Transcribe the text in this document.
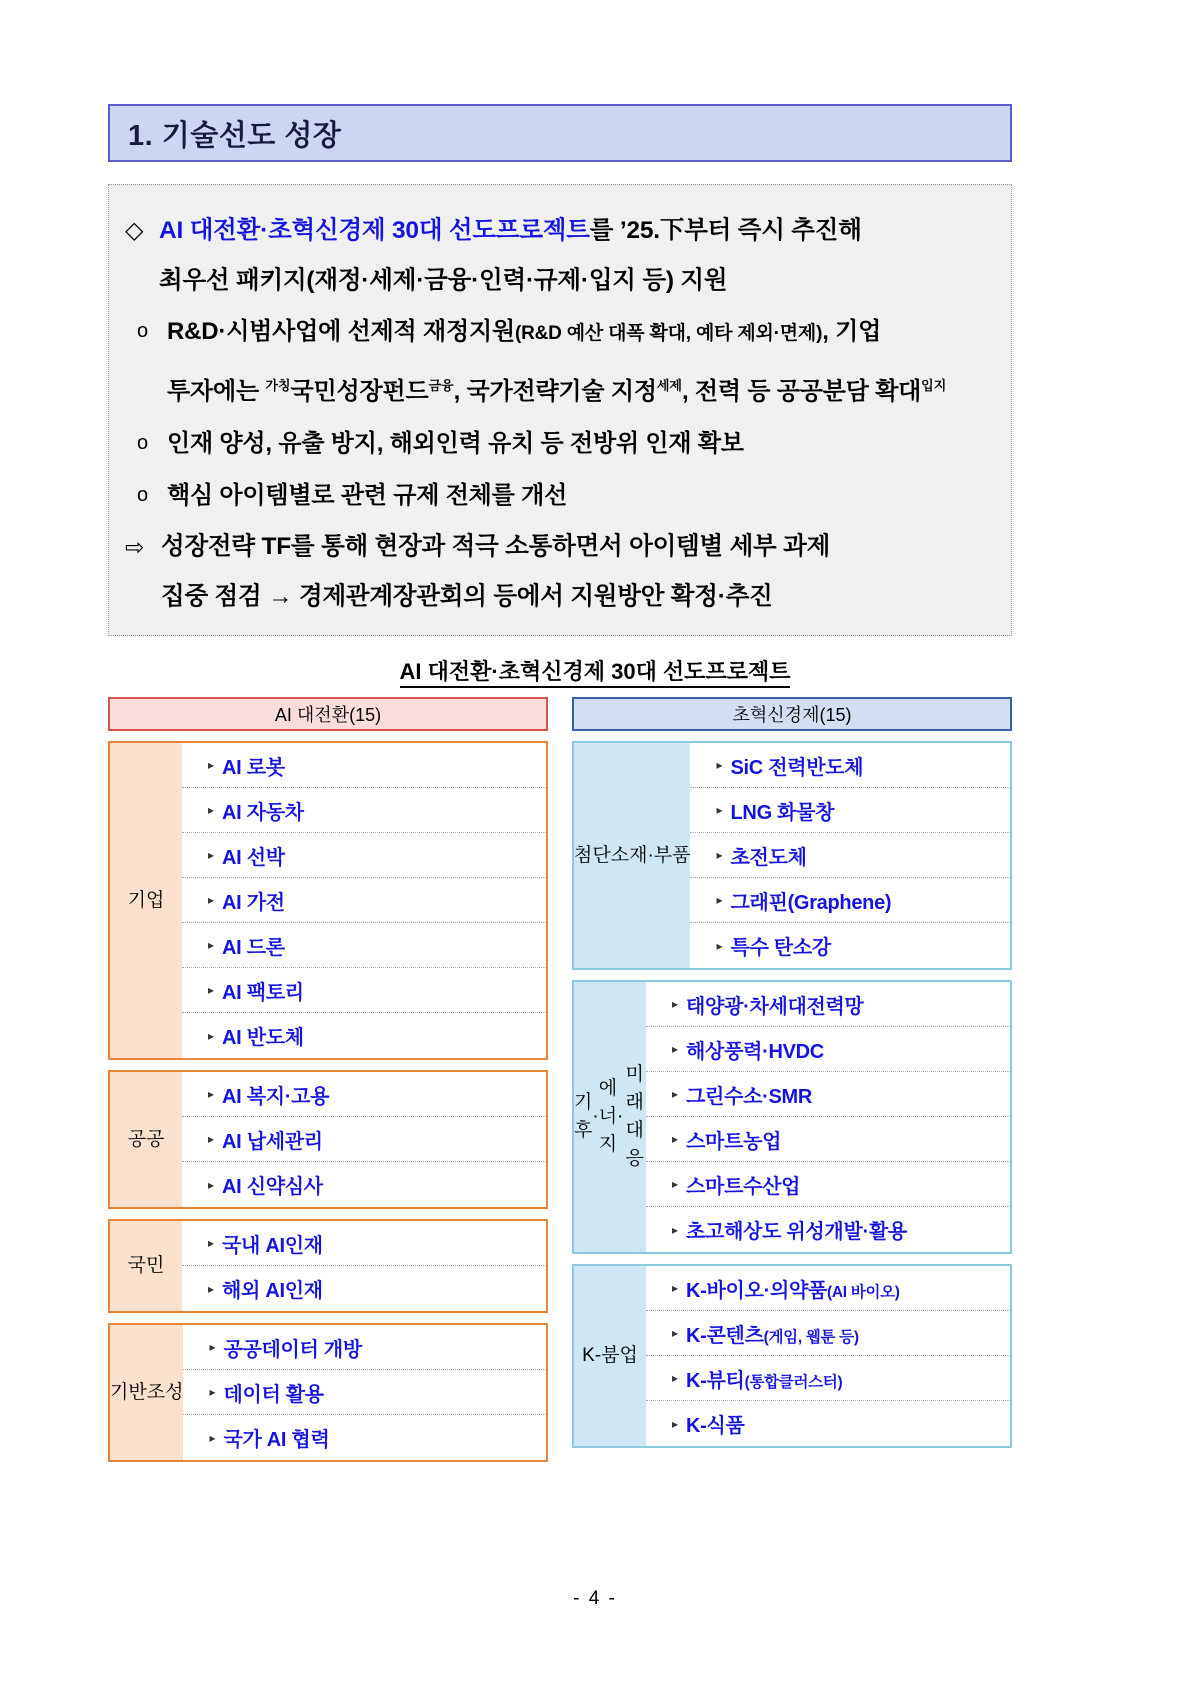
1. 기술선도 성장
◇ AI 대전환·초혁신경제 30대 선도프로젝트를 ’25.下부터 즉시 추진해
최우선 패키지(재정·세제·금융·인력·규제·입지 등) 지원
o R&D·시범사업에 선제적 재정지원(R&D 예산 대폭 확대, 예타 제외·면제), 기업
투자에는 $^{가칭}$국민성장펀드$^{금융}$, 국가전략기술 지정$^{세제}$, 전력 등 공공분담 확대$^{입지}$
o 인재 양성, 유출 방지, 해외인력 유치 등 전방위 인재 확보
o 핵심 아이템별로 관련 규제 전체를 개선
⇨ 성장전략 TF를 통해 현장과 적극 소통하면서 아이템별 세부 과제
집중 점검 → 경제관계장관회의 등에서 지원방안 확정·추진
AI 대전환·초혁신경제 30대 선도프로젝트
AI 대전환(15)
기 업
▸ AI 로봇
▸ AI 자동차
▸ AI 선박
▸ AI 가전
▸ AI 드론
▸ AI 팩토리
▸ AI 반도체
공 공
▸ AI 복지·고용
▸ AI 납세관리
▸ AI 신약심사
국 민
▸ 국내 AI인재
▸ 해외 AI인재
기 반 조 성
▸ 공공데이터 개방
▸ 데이터 활용
▸ 국가 AI 협력
초혁신경제(15)
첨 단 소 재 · 부 품
▸ SiC 전력반도체
▸ LNG 화물창
▸ 초전도체
▸ 그래핀(Graphene)
▸ 특수 탄소강
기후

·

에너지

·

미래대응
▸ 태양광·차세대전력망
▸ 해상풍력·HVDC
▸ 그린수소·SMR
▸ 스마트농업
▸ 스마트수산업
▸ 초고해상도 위성개발·활용
K-붐업
▸ K-바이오·의약품(AI 바이오)
▸ K-콘텐츠(게임, 웹툰 등)
▸ K-뷰티(통합클러스터)
▸ K-식품
- 4 -
